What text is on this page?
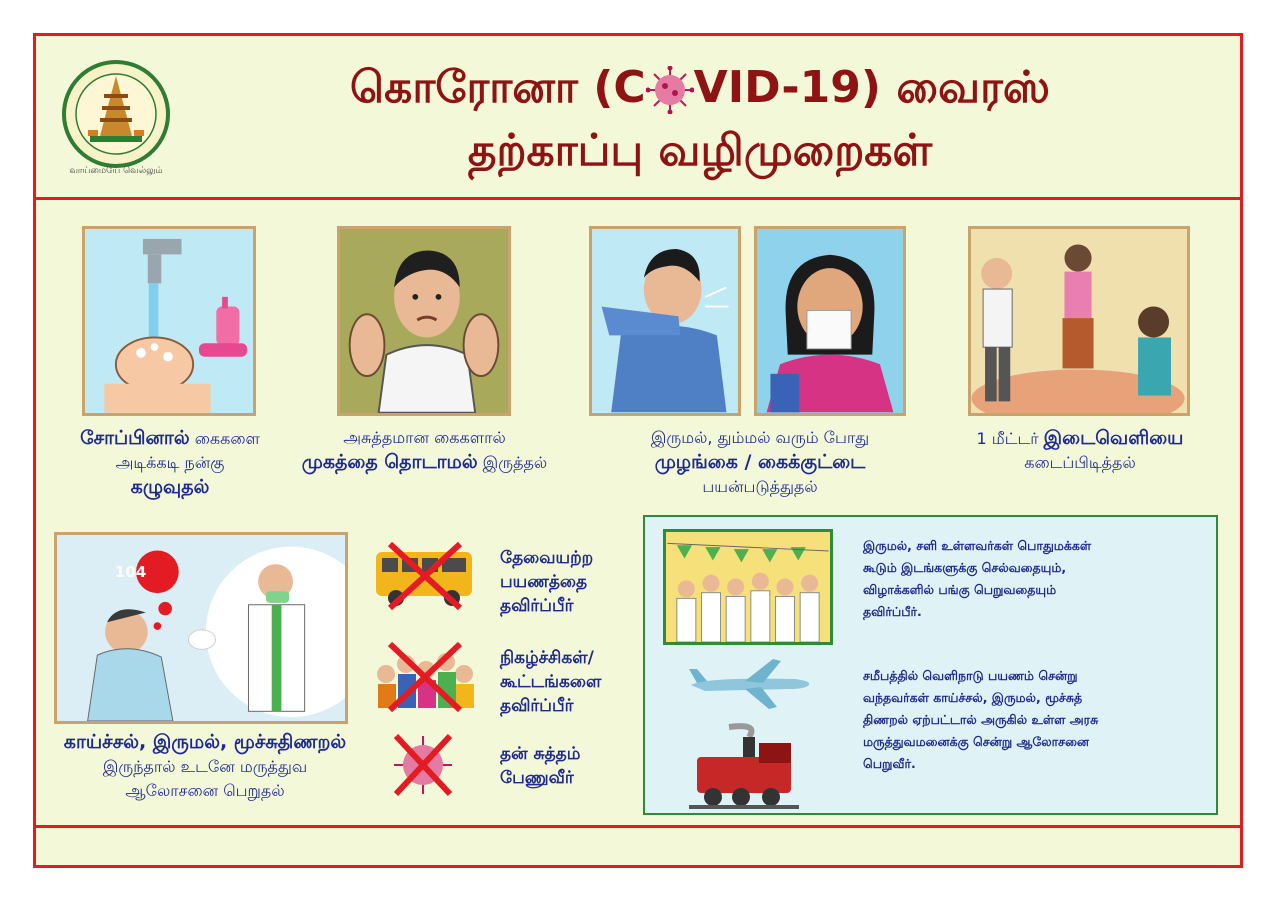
வாய்மையே வெல்லும்
கொரோனா (C VID-19) வைரஸ்
தற்காப்பு வழிமுறைகள்
சோப்பினால் கைகளை
அடிக்கடி நன்கு
கழுவுதல்
அசுத்தமான கைகளால்
முகத்தை தொடாமல் இருத்தல்
இருமல், தும்மல் வரும் போது
முழங்கை / கைக்குட்டை
பயன்படுத்துதல்
1 மீட்டர் இடைவெளியை
கடைப்பிடித்தல்
104
காய்ச்சல், இருமல், மூச்சுதிணறல்
இருந்தால் உடனே மருத்துவ
ஆலோசனை பெறுதல்
தேவையற்ற
பயணத்தை
தவிர்ப்பீர்
நிகழ்ச்சிகள்/
கூட்டங்களை
தவிர்ப்பீர்
தன் சுத்தம்
பேணுவீர்
இருமல், சளி உள்ளவர்கள் பொதுமக்கள்
கூடும் இடங்களுக்கு செல்வதையும்,
விழாக்களில் பங்கு பெறுவதையும்
தவிர்ப்பீர்.
சமீபத்தில் வெளிநாடு பயணம் சென்று
வந்தவர்கள் காய்ச்சல், இருமல், மூச்சுத்
திணறல் ஏற்பட்டால் அருகில் உள்ள அரசு
மருத்துவமனைக்கு சென்று ஆலோசனை
பெறுவீர்.
